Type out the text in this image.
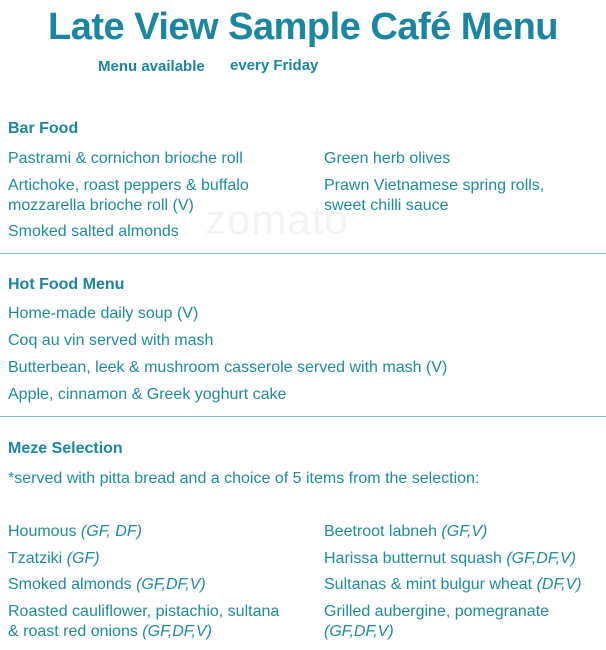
zomato
Late View Sample Café Menu
Menu available every Friday
Bar Food
Pastrami & cornichon brioche roll
Artichoke, roast peppers & buffalo
mozzarella brioche roll (V)
Smoked salted almonds
Green herb olives
Prawn Vietnamese spring rolls,
sweet chilli sauce
Hot Food Menu
Home-made daily soup (V)
Coq au vin served with mash
Butterbean, leek & mushroom casserole served with mash (V)
Apple, cinnamon & Greek yoghurt cake
Meze Selection
*served with pitta bread and a choice of 5 items from the selection:
Houmous (GF, DF)
Tzatziki (GF)
Smoked almonds (GF,DF,V)
Roasted cauliflower, pistachio, sultana
& roast red onions (GF,DF,V)
Beetroot labneh (GF,V)
Harissa butternut squash (GF,DF,V)
Sultanas & mint bulgur wheat (DF,V)
Grilled aubergine, pomegranate
(GF,DF,V)
